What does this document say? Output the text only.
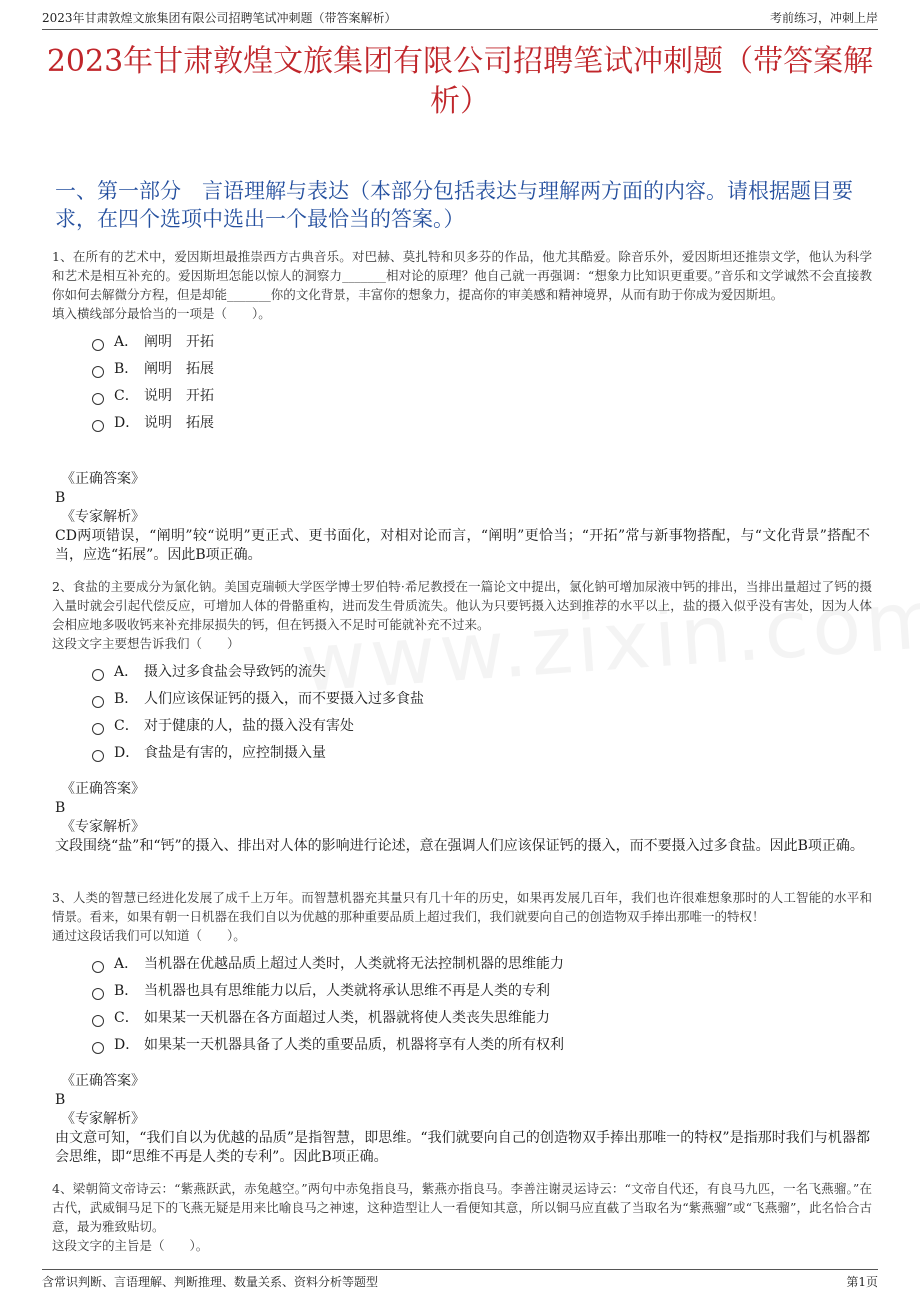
2023年甘肃敦煌文旅集团有限公司招聘笔试冲刺题（带答案解析）	考前练习，冲刺上岸
2023年甘肃敦煌文旅集团有限公司招聘笔试冲刺题（带答案解析）
一、第一部分　言语理解与表达（本部分包括表达与理解两方面的内容。请根据题目要求，在四个选项中选出一个最恰当的答案。）
1、在所有的艺术中，爱因斯坦最推崇西方古典音乐。对巴赫、莫扎特和贝多芬的作品，他尤其酷爱。除音乐外，爱因斯坦还推崇文学，他认为科学和艺术是相互补充的。爱因斯坦怎能以惊人的洞察力_______相对论的原理？他自己就一再强调：“想象力比知识更重要。”音乐和文学诚然不会直接教你如何去解微分方程，但是却能_______你的文化背景，丰富你的想象力，提高你的审美感和精神境界，从而有助于你成为爱因斯坦。
填入横线部分最恰当的一项是（　　）。
A． 阐明　开拓
B． 阐明　拓展
C． 说明　开拓
D． 说明　拓展
《正确答案》
B
《专家解析》
CD两项错误，“阐明”较“说明”更正式、更书面化，对相对论而言，“阐明”更恰当；“开拓”常与新事物搭配，与“文化背景”搭配不当，应选“拓展”。因此B项正确。
2、食盐的主要成分为氯化钠。美国克瑞顿大学医学博士罗伯特·希尼教授在一篇论文中提出，氯化钠可增加尿液中钙的排出，当排出量超过了钙的摄入量时就会引起代偿反应，可增加人体的骨骼重构，进而发生骨质流失。他认为只要钙摄入达到推荐的水平以上，盐的摄入似乎没有害处，因为人体会相应地多吸收钙来补充排尿损失的钙，但在钙摄入不足时可能就补充不过来。
这段文字主要想告诉我们（　　）
A． 摄入过多食盐会导致钙的流失
B． 人们应该保证钙的摄入，而不要摄入过多食盐
C． 对于健康的人，盐的摄入没有害处
D． 食盐是有害的，应控制摄入量
《正确答案》
B
《专家解析》
文段围绕“盐”和“钙”的摄入、排出对人体的影响进行论述，意在强调人们应该保证钙的摄入，而不要摄入过多食盐。因此B项正确。
3、人类的智慧已经进化发展了成千上万年。而智慧机器充其量只有几十年的历史，如果再发展几百年，我们也许很难想象那时的人工智能的水平和情景。看来，如果有朝一日机器在我们自以为优越的那种重要品质上超过我们，我们就要向自己的创造物双手捧出那唯一的特权！
通过这段话我们可以知道（　　）。
A． 当机器在优越品质上超过人类时，人类就将无法控制机器的思维能力
B． 当机器也具有思维能力以后，人类就将承认思维不再是人类的专利
C． 如果某一天机器在各方面超过人类，机器就将使人类丧失思维能力
D． 如果某一天机器具备了人类的重要品质，机器将享有人类的所有权利
《正确答案》
B
《专家解析》
由文意可知，“我们自以为优越的品质”是指智慧，即思维。“我们就要向自己的创造物双手捧出那唯一的特权”是指那时我们与机器都会思维，即“思维不再是人类的专利”。因此B项正确。
4、梁朝简文帝诗云：“紫燕跃武，赤兔越空。”两句中赤兔指良马，紫燕亦指良马。李善注谢灵运诗云：“文帝自代还，有良马九匹，一名飞燕骝。”在古代，武威铜马足下的飞燕无疑是用来比喻良马之神速，这种造型让人一看便知其意，所以铜马应直截了当取名为“紫燕骝”或“飞燕骝”，此名恰合古意，最为雅致贴切。
这段文字的主旨是（　　）。
含常识判断、言语理解、判断推理、数量关系、资料分析等题型	第1页
